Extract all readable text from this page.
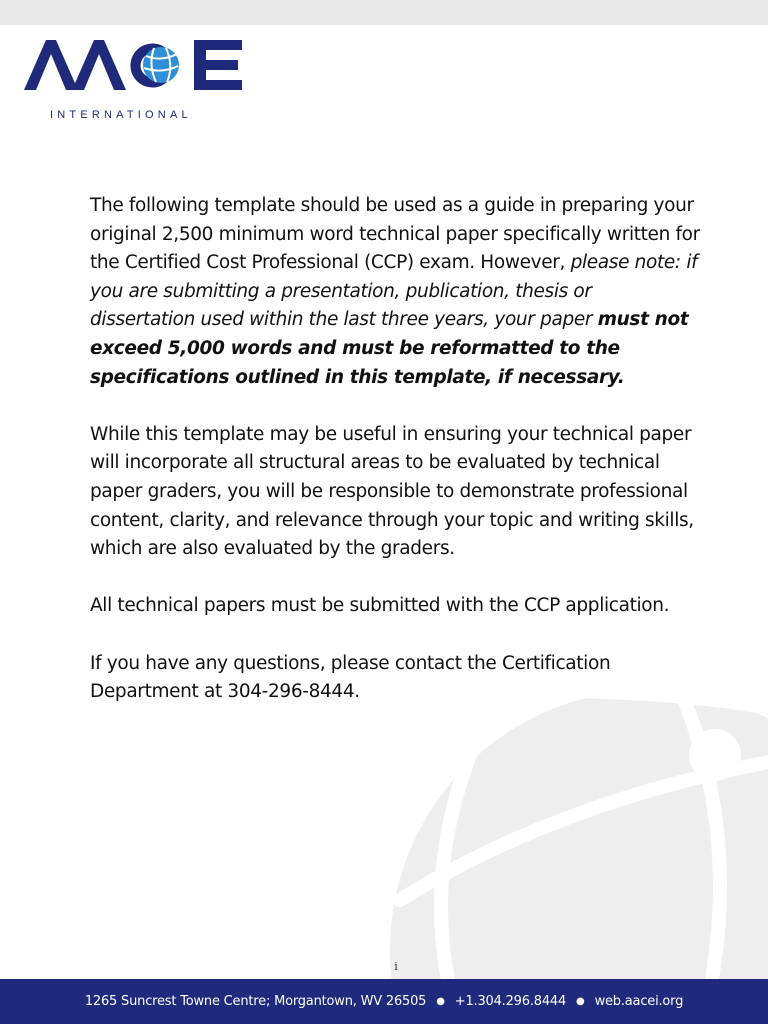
INTERNATIONAL

The following template should be used as a guide in preparing your original 2,500 minimum word technical paper specifically written for the Certified Cost Professional (CCP) exam. However, please note: if you are submitting a presentation, publication, thesis or dissertation used within the last three years, your paper must not exceed 5,000 words and must be reformatted to the specifications outlined in this template, if necessary.

While this template may be useful in ensuring your technical paper will incorporate all structural areas to be evaluated by technical paper graders, you will be responsible to demonstrate professional content, clarity, and relevance through your topic and writing skills, which are also evaluated by the graders.

All technical papers must be submitted with the CCP application.

If you have any questions, please contact the Certification Department at 304-296-8444.

i
1265 Suncrest Towne Centre; Morgantown, WV 26505 ● +1.304.296.8444 ● web.aacei.org
